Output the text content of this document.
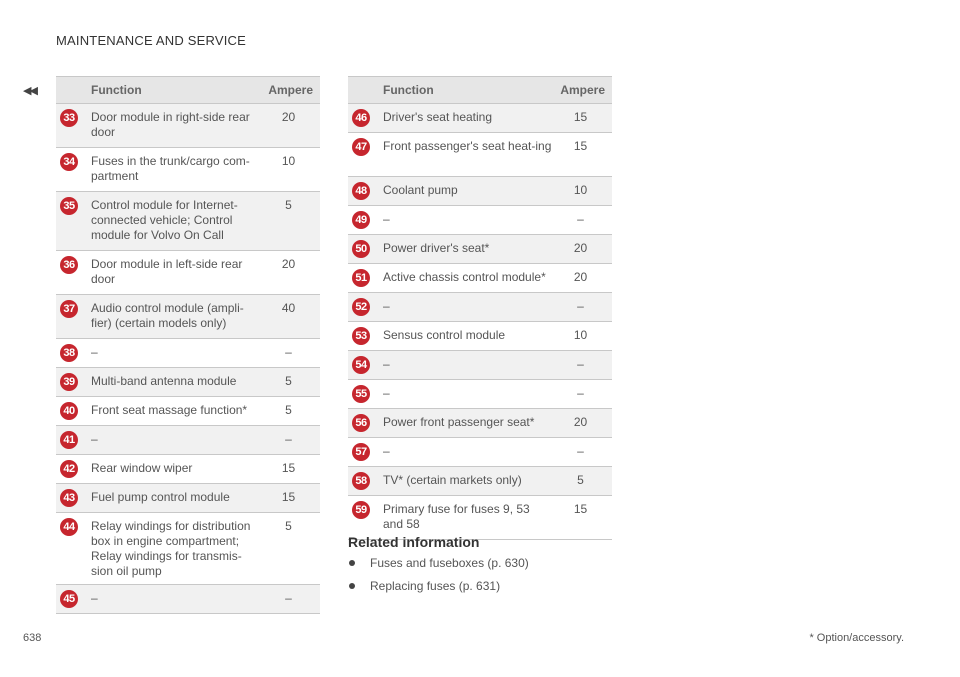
MAINTENANCE AND SERVICE
◀◀	Function		Ampere
33	Door module in right-side rear door	20
34	Fuses in the trunk/cargo com-partment	10
35	Control module for Internet-connected vehicle; Control module for Volvo On Call	5
36	Door module in left-side rear door	20
37	Audio control module (ampli-fier) (certain models only)	40
38	–	–
39	Multi-band antenna module	5
40	Front seat massage function*	5
41	–	–
42	Rear window wiper	15
43	Fuel pump control module	15
44	Relay windings for distribution box in engine compartment; Relay windings for transmis-sion oil pump	5
45	–	–
Function		Ampere
46	Driver's seat heating	15
47	Front passenger's seat heat-ing	15
48	Coolant pump	10
49	–	–
50	Power driver's seat*	20
51	Active chassis control module*	20
52	–	–
53	Sensus control module	10
54	–	–
55	–	–
56	Power front passenger seat*	20
57	–	–
58	TV* (certain markets only)	5
59	Primary fuse for fuses 9, 53 and 58	15
Related information
Fuses and fuseboxes (p. 630)
Replacing fuses (p. 631)
638	* Option/accessory.
